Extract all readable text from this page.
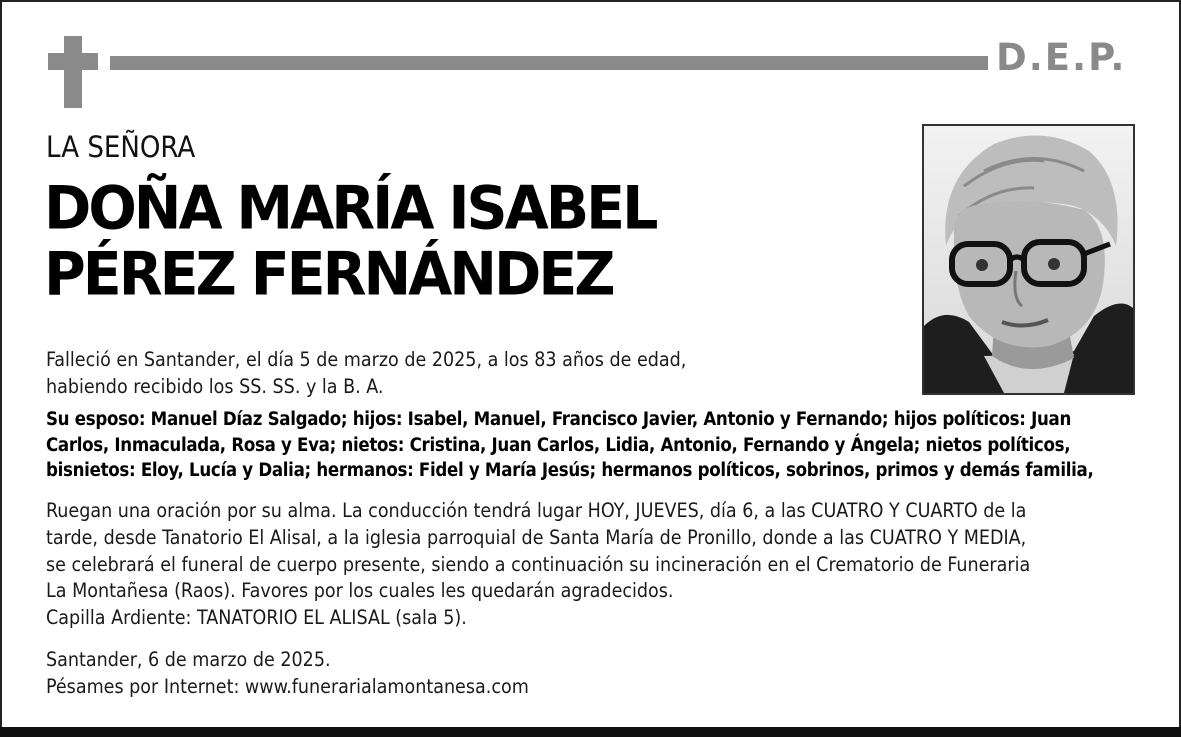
D.E.P.
LA SEÑORA
DOÑA MARÍA ISABEL
PÉREZ FERNÁNDEZ
Falleció en Santander, el día 5 de marzo de 2025, a los 83 años de edad,
habiendo recibido los SS. SS. y la B. A.
Su esposo: Manuel Díaz Salgado; hijos: Isabel, Manuel, Francisco Javier, Antonio y Fernando; hijos políticos: Juan
Carlos, Inmaculada, Rosa y Eva; nietos: Cristina, Juan Carlos, Lidia, Antonio, Fernando y Ángela; nietos políticos,
bisnietos: Eloy, Lucía y Dalia; hermanos: Fidel y María Jesús; hermanos políticos, sobrinos, primos y demás familia,
Ruegan una oración por su alma. La conducción tendrá lugar HOY, JUEVES, día 6, a las CUATRO Y CUARTO de la
tarde, desde Tanatorio El Alisal, a la iglesia parroquial de Santa María de Pronillo, donde a las CUATRO Y MEDIA,
se celebrará el funeral de cuerpo presente, siendo a continuación su incineración en el Crematorio de Funeraria
La Montañesa (Raos). Favores por los cuales les quedarán agradecidos.
Capilla Ardiente: TANATORIO EL ALISAL (sala 5).
Santander, 6 de marzo de 2025.
Pésames por Internet: www.funerarialamontanesa.com
